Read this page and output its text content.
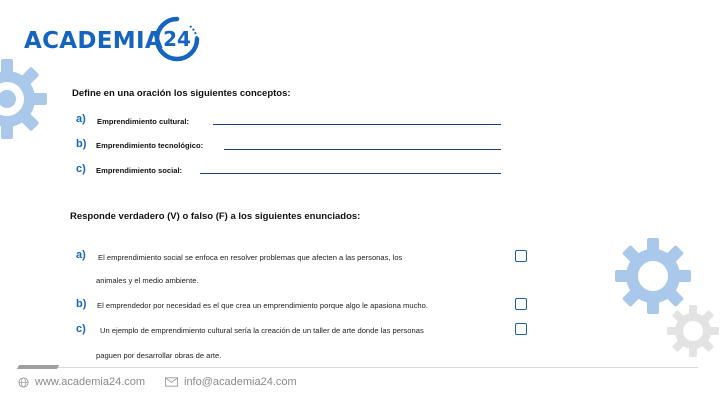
ACADEMIA 24
Define en una oración los siguientes conceptos:
a) Emprendimiento cultural:
b) Emprendimiento tecnológico:
c) Emprendimiento social:
Responde verdadero (V) o falso (F) a los siguientes enunciados:
a) El emprendimiento social se enfoca en resolver problemas que afecten a las personas, los
animales y el medio ambiente.
b) El emprendedor por necesidad es el que crea un emprendimiento porque algo le apasiona mucho.
c) Un ejemplo de emprendimiento cultural sería la creación de un taller de arte donde las personas
paguen por desarrollar obras de arte.
www.academia24.com	info@academia24.com
